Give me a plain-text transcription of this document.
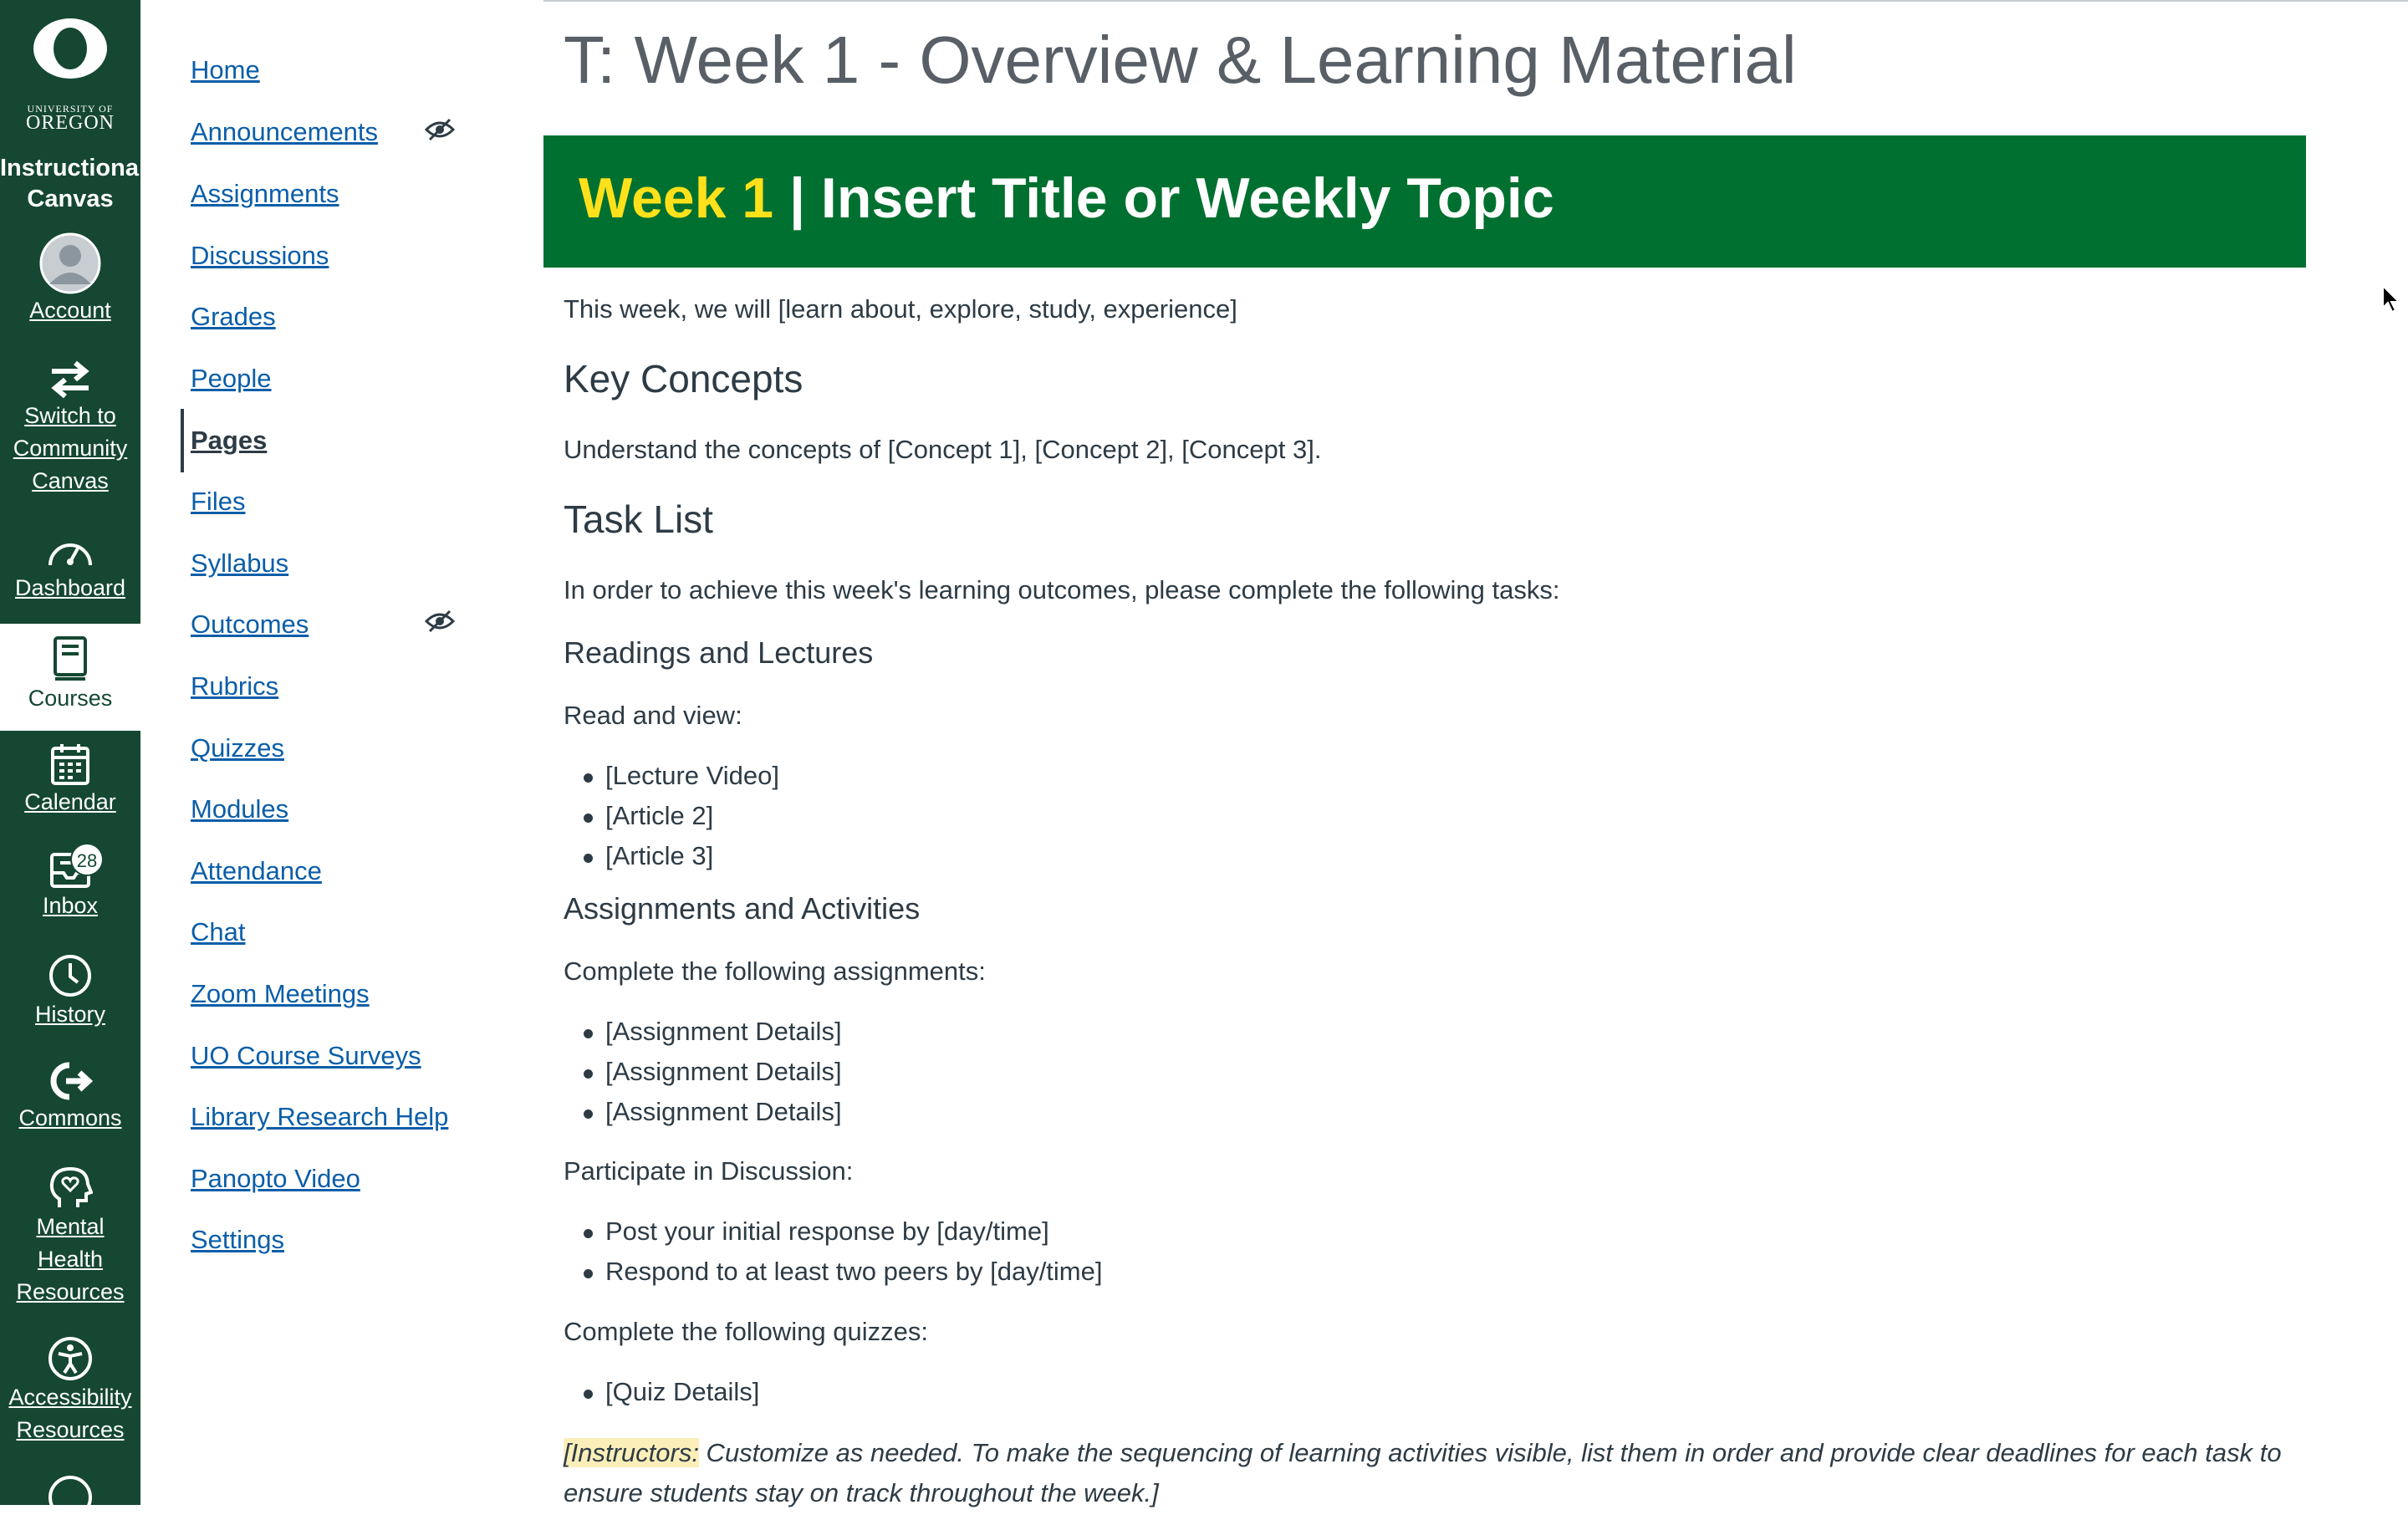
UNIVERSITY OF
OREGON
Instructional
Canvas
Account
Switch to
Community
Canvas
Dashboard
Courses
Calendar
28
Inbox
History
Commons
Mental
Health
Resources
Accessibility
Resources
Home
Announcements
Assignments
Discussions
Grades
People
Pages
Files
Syllabus
Outcomes
Rubrics
Quizzes
Modules
Attendance
Chat
Zoom Meetings
UO Course Surveys
Library Research Help
Panopto Video
Settings
T: Week 1 - Overview & Learning Material
Week 1 | Insert Title or Weekly Topic
This week, we will [learn about, explore, study, experience]
Key Concepts
Understand the concepts of [Concept 1], [Concept 2], [Concept 3].
Task List
In order to achieve this week's learning outcomes, please complete the following tasks:
Readings and Lectures
Read and view:
[Lecture Video]
[Article 2]
[Article 3]
Assignments and Activities
Complete the following assignments:
[Assignment Details]
[Assignment Details]
[Assignment Details]
Participate in Discussion:
Post your initial response by [day/time]
Respond to at least two peers by [day/time]
Complete the following quizzes:
[Quiz Details]
[Instructors: Customize as needed. To make the sequencing of learning activities visible, list them in order and provide clear deadlines for each task to ensure students stay on track throughout the week.]
